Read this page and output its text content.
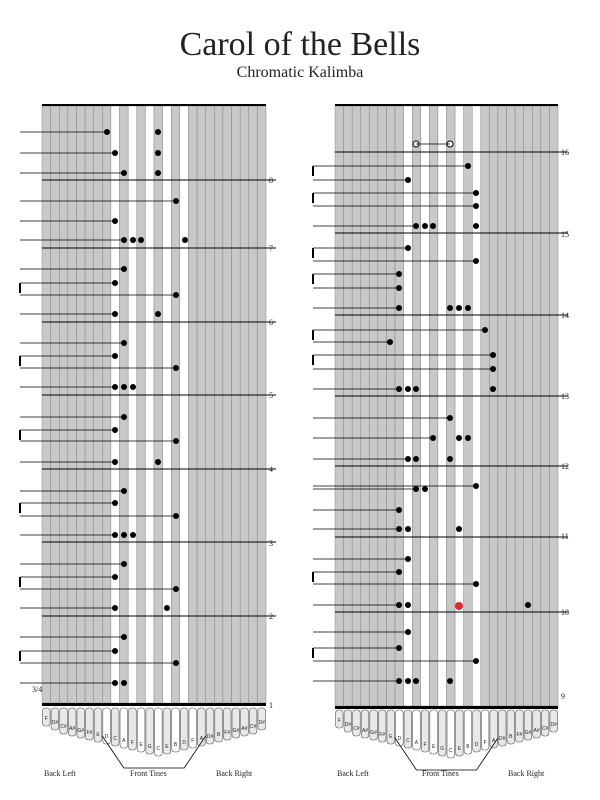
Carol of the Bells
Chromatic Kalimba
F
D#
C# A# G# F# E D C A F E G C E B D F A D# B F# G# A# C#
D#	F
D#
C# A# G# F# E D C A F E G C E B D F A D# B F# G# A# C#
D#
3/4
Back Left	Front Tines	Back Right	Back Left	Front Tines	Back Right
1
2
3
4
5
6
7
8
9
10
11
12
13
14
15
16
